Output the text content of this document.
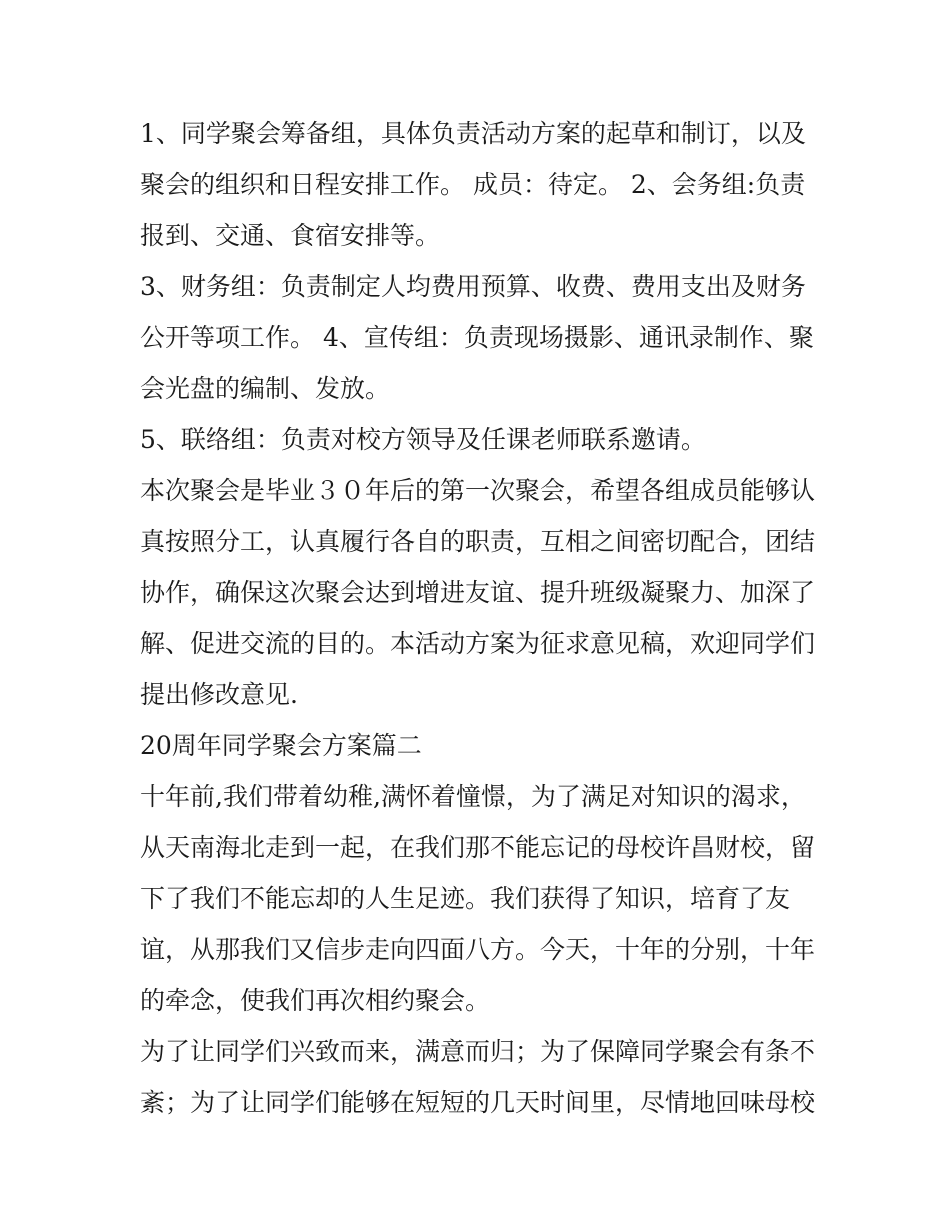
1、同学聚会筹备组，具体负责活动方案的起草和制订，以及聚会的组织和日程安排工作。 成员：待定。 2、会务组:负责报到、交通、食宿安排等。

3、财务组：负责制定人均费用预算、收费、费用支出及财务公开等项工作。 4、宣传组：负责现场摄影、通讯录制作、聚会光盘的编制、发放。

5、联络组：负责对校方领导及任课老师联系邀请。

本次聚会是毕业３０年后的第一次聚会，希望各组成员能够认真按照分工，认真履行各自的职责，互相之间密切配合，团结协作，确保这次聚会达到增进友谊、提升班级凝聚力、加深了解、促进交流的目的。本活动方案为征求意见稿，欢迎同学们提出修改意见.

20周年同学聚会方案篇二

十年前,我们带着幼稚,满怀着憧憬，为了满足对知识的渴求，从天南海北走到一起，在我们那不能忘记的母校许昌财校，留下了我们不能忘却的人生足迹。我们获得了知识，培育了友谊，从那我们又信步走向四面八方。今天，十年的分别，十年的牵念，使我们再次相约聚会。

为了让同学们兴致而来，满意而归；为了保障同学聚会有条不紊；为了让同学们能够在短短的几天时间里，尽情地回味母校
